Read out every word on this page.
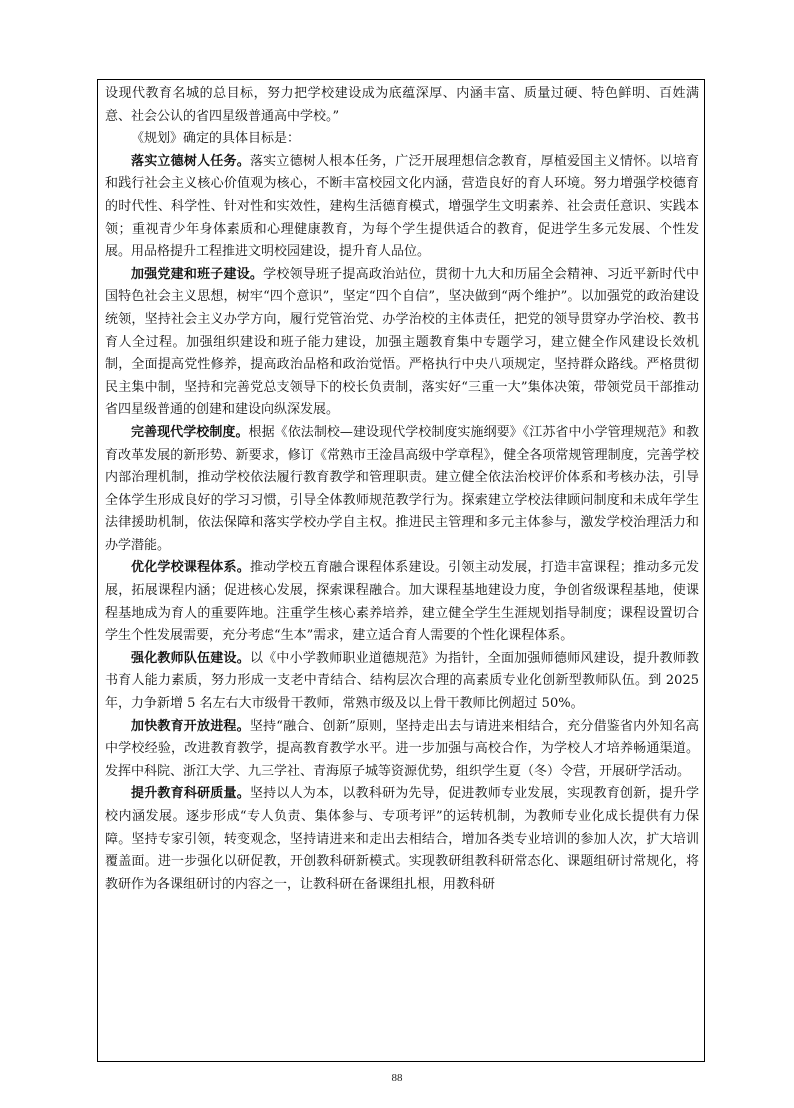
设现代教育名城的总目标，努力把学校建设成为底蕴深厚、内涵丰富、质量过硬、特色鲜明、百姓满意、社会公认的省四星级普通高中学校。”

《规划》确定的具体目标是：

落实立德树人任务。落实立德树人根本任务，广泛开展理想信念教育，厚植爱国主义情怀。以培育和践行社会主义核心价值观为核心，不断丰富校园文化内涵，营造良好的育人环境。努力增强学校德育的时代性、科学性、针对性和实效性，建构生活德育模式，增强学生文明素养、社会责任意识、实践本领；重视青少年身体素质和心理健康教育，为每个学生提供适合的教育，促进学生多元发展、个性发展。用品格提升工程推进文明校园建设，提升育人品位。

加强党建和班子建设。学校领导班子提高政治站位，贯彻十九大和历届全会精神、习近平新时代中国特色社会主义思想，树牢“四个意识”，坚定“四个自信”，坚决做到“两个维护”。以加强党的政治建设统领，坚持社会主义办学方向，履行党管治党、办学治校的主体责任，把党的领导贯穿办学治校、教书育人全过程。加强组织建设和班子能力建设，加强主题教育集中专题学习，建立健全作风建设长效机制，全面提高党性修养，提高政治品格和政治觉悟。严格执行中央八项规定，坚持群众路线。严格贯彻民主集中制，坚持和完善党总支领导下的校长负责制，落实好“三重一大”集体决策，带领党员干部推动省四星级普通的创建和建设向纵深发展。

完善现代学校制度。根据《依法制校—建设现代学校制度实施纲要》《江苏省中小学管理规范》和教育改革发展的新形势、新要求，修订《常熟市王淦昌高级中学章程》，健全各项常规管理制度，完善学校内部治理机制，推动学校依法履行教育教学和管理职责。建立健全依法治校评价体系和考核办法，引导全体学生形成良好的学习习惯，引导全体教师规范教学行为。探索建立学校法律顾问制度和未成年学生法律援助机制，依法保障和落实学校办学自主权。推进民主管理和多元主体参与，激发学校治理活力和办学潜能。

优化学校课程体系。推动学校五育融合课程体系建设。引领主动发展，打造丰富课程；推动多元发展，拓展课程内涵；促进核心发展，探索课程融合。加大课程基地建设力度，争创省级课程基地，使课程基地成为育人的重要阵地。注重学生核心素养培养，建立健全学生生涯规划指导制度；课程设置切合学生个性发展需要，充分考虑“生本”需求，建立适合育人需要的个性化课程体系。

强化教师队伍建设。以《中小学教师职业道德规范》为指针，全面加强师德师风建设，提升教师教书育人能力素质，努力形成一支老中青结合、结构层次合理的高素质专业化创新型教师队伍。到 2025 年，力争新增 5 名左右大市级骨干教师，常熟市级及以上骨干教师比例超过 50%。

加快教育开放进程。坚持“融合、创新”原则，坚持走出去与请进来相结合，充分借鉴省内外知名高中学校经验，改进教育教学，提高教育教学水平。进一步加强与高校合作，为学校人才培养畅通渠道。发挥中科院、浙江大学、九三学社、青海原子城等资源优势，组织学生夏（冬）令营，开展研学活动。

提升教育科研质量。坚持以人为本，以教科研为先导，促进教师专业发展，实现教育创新，提升学校内涵发展。逐步形成“专人负责、集体参与、专项考评”的运转机制，为教师专业化成长提供有力保障。坚持专家引领，转变观念，坚持请进来和走出去相结合，增加各类专业培训的参加人次，扩大培训覆盖面。进一步强化以研促教，开创教科研新模式。实现教研组教科研常态化、课题组研讨常规化，将教研作为各课组研讨的内容之一，让教科研在备课组扎根，用教科研

88
